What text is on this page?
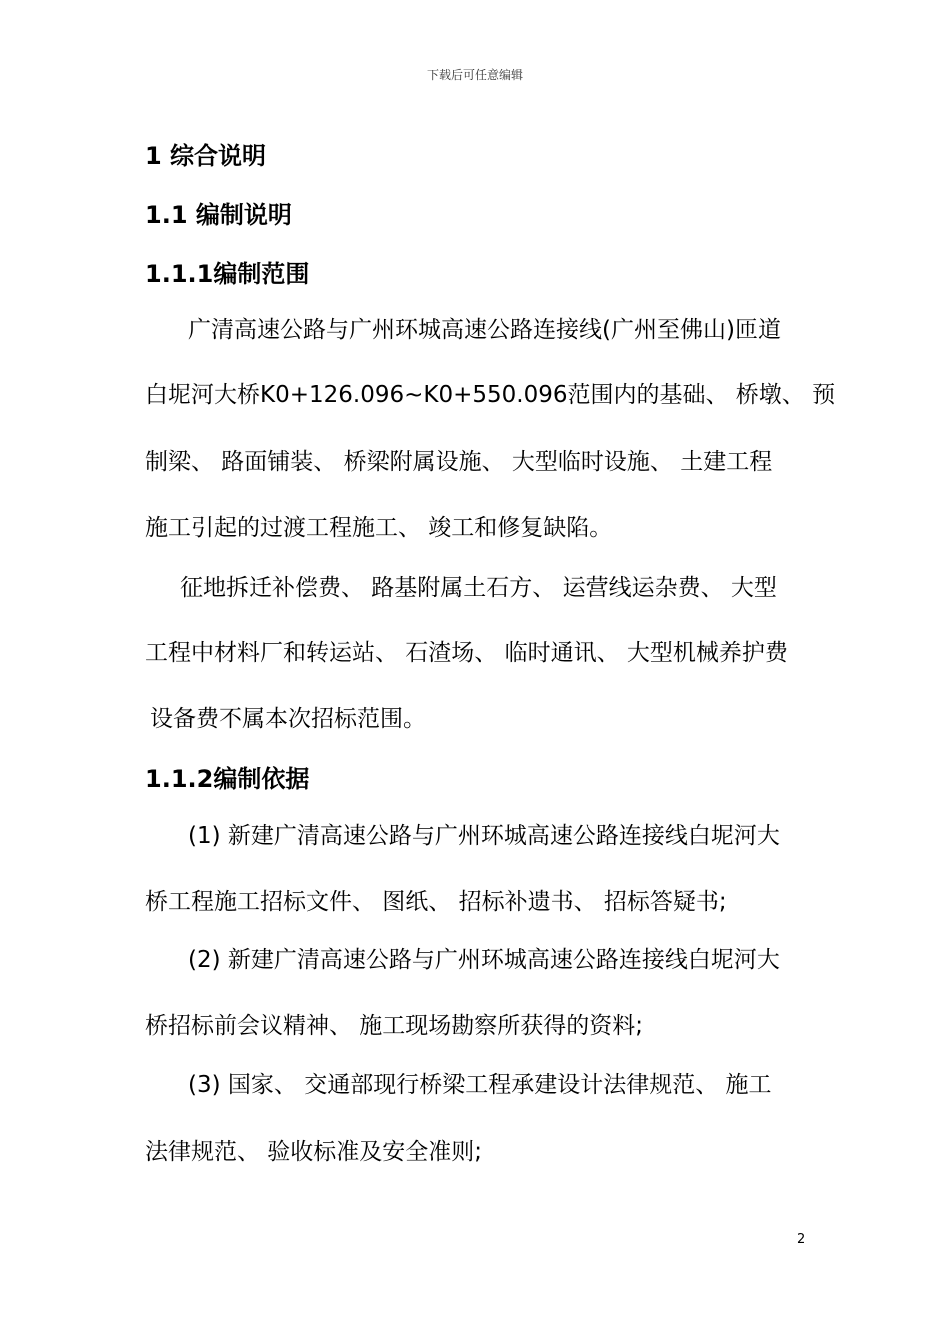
下载后可任意编辑
1 综合说明
1.1 编制说明
1.1.1编制范围
广清高速公路与广州环城高速公路连接线(广州至佛山)匝道
白坭河大桥K0+126.096~K0+550.096范围内的基础、 桥墩、 预
制梁、 路面铺装、 桥梁附属设施、 大型临时设施、 土建工程
施工引起的过渡工程施工、 竣工和修复缺陷。
征地拆迁补偿费、 路基附属土石方、 运营线运杂费、 大型
工程中材料厂和转运站、 石渣场、 临时通讯、 大型机械养护费
设备费不属本次招标范围。
1.1.2编制依据
(1) 新建广清高速公路与广州环城高速公路连接线白坭河大
桥工程施工招标文件、 图纸、 招标补遗书、 招标答疑书;
(2) 新建广清高速公路与广州环城高速公路连接线白坭河大
桥招标前会议精神、 施工现场勘察所获得的资料;
(3) 国家、 交通部现行桥梁工程承建设计法律规范、 施工
法律规范、 验收标准及安全准则;
2
